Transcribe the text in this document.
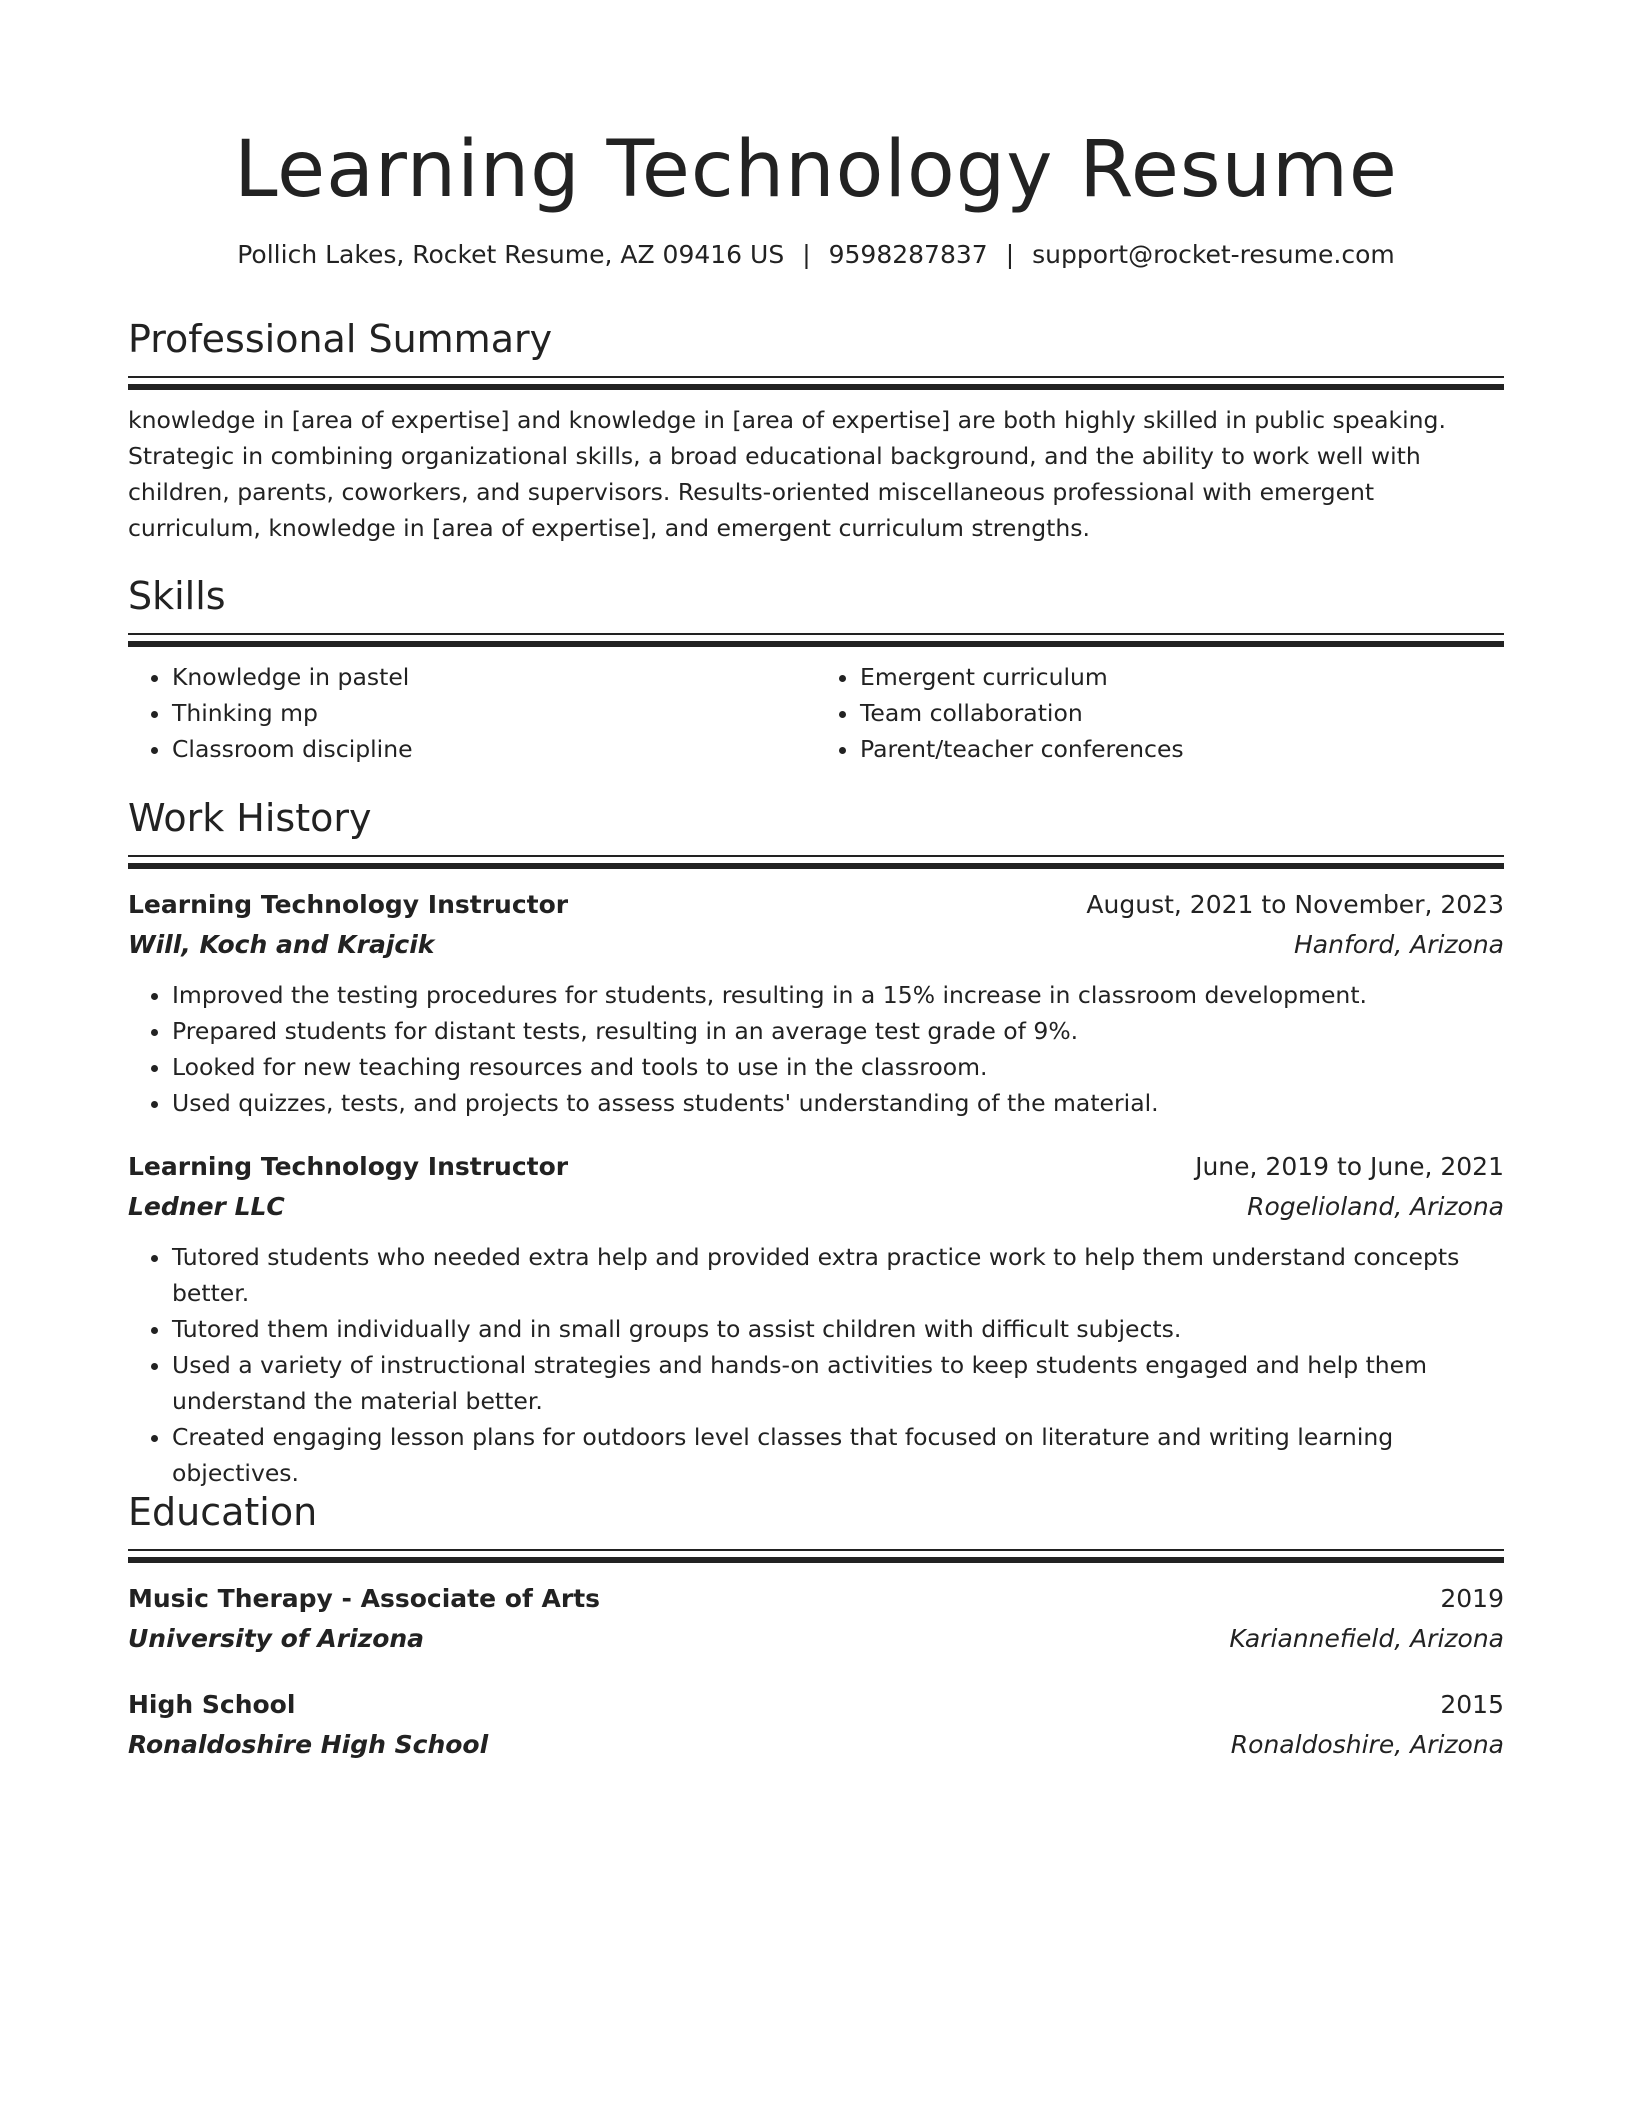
Learning Technology Resume
Pollich Lakes, Rocket Resume, AZ 09416 US | 9598287837 | support@rocket-resume.com
Professional Summary

knowledge in [area of expertise] and knowledge in [area of expertise] are both highly skilled in public speaking. Strategic in combining organizational skills, a broad educational background, and the ability to work well with children, parents, coworkers, and supervisors. Results-oriented miscellaneous professional with emergent curriculum, knowledge in [area of expertise], and emergent curriculum strengths.

Skills
• Knowledge in pastel
• Thinking mp
• Classroom discipline
• Emergent curriculum
• Team collaboration
• Parent/teacher conferences
Work History
Learning Technology Instructor	August, 2021 to November, 2023
Will, Koch and Krajcik	Hanford, Arizona
• Improved the testing procedures for students, resulting in a 15% increase in classroom development.
• Prepared students for distant tests, resulting in an average test grade of 9%.
• Looked for new teaching resources and tools to use in the classroom.
• Used quizzes, tests, and projects to assess students' understanding of the material.
Learning Technology Instructor	June, 2019 to June, 2021
Ledner LLC	Rogelioland, Arizona
• Tutored students who needed extra help and provided extra practice work to help them understand concepts better.
• Tutored them individually and in small groups to assist children with difficult subjects.
• Used a variety of instructional strategies and hands-on activities to keep students engaged and help them understand the material better.
• Created engaging lesson plans for outdoors level classes that focused on literature and writing learning objectives.
Education
Music Therapy - Associate of Arts	2019
University of Arizona	Kariannefield, Arizona
High School	2015
Ronaldoshire High School	Ronaldoshire, Arizona
